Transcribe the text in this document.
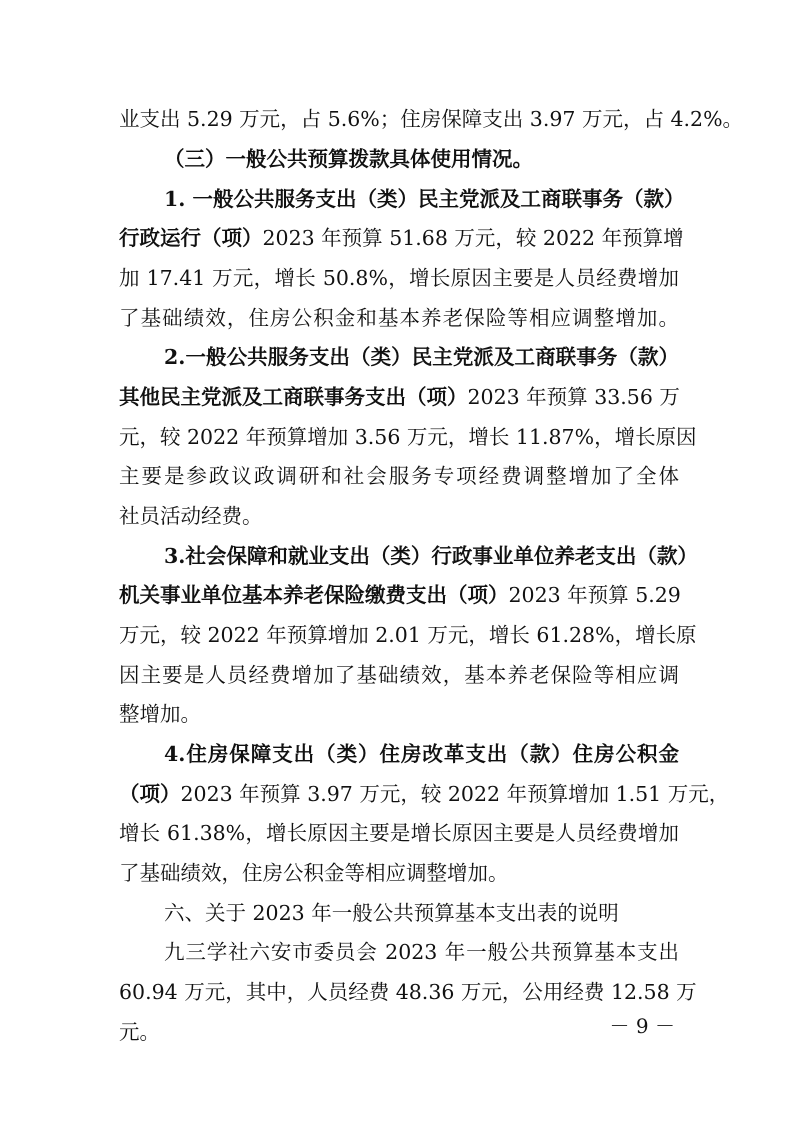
业支出 5.29 万元，占 5.6%；住房保障支出 3.97 万元，占 4.2%。
（三）一般公共预算拨款具体使用情况。
1. 一般公共服务支出（类）民主党派及工商联事务（款）
行政运行（项）2023 年预算 51.68 万元，较 2022 年预算增
加 17.41 万元，增长 50.8%，增长原因主要是人员经费增加
了基础绩效，住房公积金和基本养老保险等相应调整增加。
2.一般公共服务支出（类）民主党派及工商联事务（款）
其他民主党派及工商联事务支出（项）2023 年预算 33.56 万
元，较 2022 年预算增加 3.56 万元，增长 11.87%，增长原因
主要是参政议政调研和社会服务专项经费调整增加了全体
社员活动经费。
3.社会保障和就业支出（类）行政事业单位养老支出（款）
机关事业单位基本养老保险缴费支出（项）2023 年预算 5.29
万元，较 2022 年预算增加 2.01 万元，增长 61.28%，增长原
因主要是人员经费增加了基础绩效，基本养老保险等相应调
整增加。
4.住房保障支出（类）住房改革支出（款）住房公积金
（项）2023 年预算 3.97 万元，较 2022 年预算增加 1.51 万元，
增长 61.38%，增长原因主要是增长原因主要是人员经费增加
了基础绩效，住房公积金等相应调整增加。
六、关于 2023 年一般公共预算基本支出表的说明
九三学社六安市委员会 2023 年一般公共预算基本支出
60.94 万元，其中，人员经费 48.36 万元，公用经费 12.58 万
元。	－ 9 －
